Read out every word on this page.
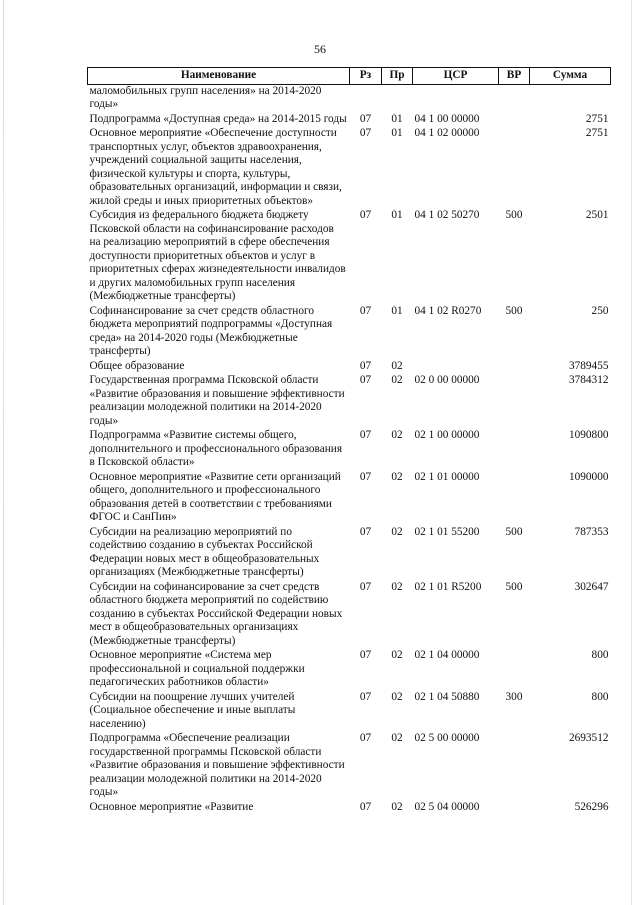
56
Наименование	Рз	Пр	ЦСР	ВР	Сумма
маломобильных групп населения» на 2014-2020 годы»					
Подпрограмма «Доступная среда» на 2014-2015 годы	07	01	04 1 00 00000		2751
Основное мероприятие «Обеспечение доступности транспортных услуг, объектов здравоохранения, учреждений социальной защиты населения, физической культуры и спорта, культуры, образовательных организаций, информации и связи, жилой среды и иных приоритетных объектов»	07	01	04 1 02 00000		2751
Субсидия из федерального бюджета бюджету Псковской области на софинансирование расходов на реализацию мероприятий в сфере обеспечения доступности приоритетных объектов и услуг в приоритетных сферах жизнедеятельности инвалидов и других маломобильных групп населения (Межбюджетные трансферты)	07	01	04 1 02 50270	500	2501
Софинансирование за счет средств областного бюджета мероприятий подпрограммы «Доступная среда» на 2014-2020 годы (Межбюджетные трансферты)	07	01	04 1 02 R0270	500	250
Общее образование	07	02			3789455
Государственная программа Псковской области «Развитие образования и повышение эффективности реализации молодежной политики на 2014-2020 годы»	07	02	02 0 00 00000		3784312
Подпрограмма «Развитие системы общего, дополнительного и профессионального образования в Псковской области»	07	02	02 1 00 00000		1090800
Основное мероприятие «Развитие сети организаций общего, дополнительного и профессионального образования детей в соответствии с требованиями ФГОС и СанПин»	07	02	02 1 01 00000		1090000
Субсидии на реализацию мероприятий по содействию созданию в субъектах Российской Федерации новых мест в общеобразовательных организациях (Межбюджетные трансферты)	07	02	02 1 01 55200	500	787353
Субсидии на софинансирование за счет средств областного бюджета мероприятий по содействию созданию в субъектах Российской Федерации новых мест в общеобразовательных организациях (Межбюджетные трансферты)	07	02	02 1 01 R5200	500	302647
Основное мероприятие «Система мер профессиональной и социальной поддержки педагогических работников области»	07	02	02 1 04 00000		800
Субсидии на поощрение лучших учителей (Социальное обеспечение и иные выплаты населению)	07	02	02 1 04 50880	300	800
Подпрограмма «Обеспечение реализации государственной программы Псковской области «Развитие образования и повышение эффективности реализации молодежной политики на 2014-2020 годы»	07	02	02 5 00 00000		2693512
Основное мероприятие «Развитие	07	02	02 5 04 00000		526296
